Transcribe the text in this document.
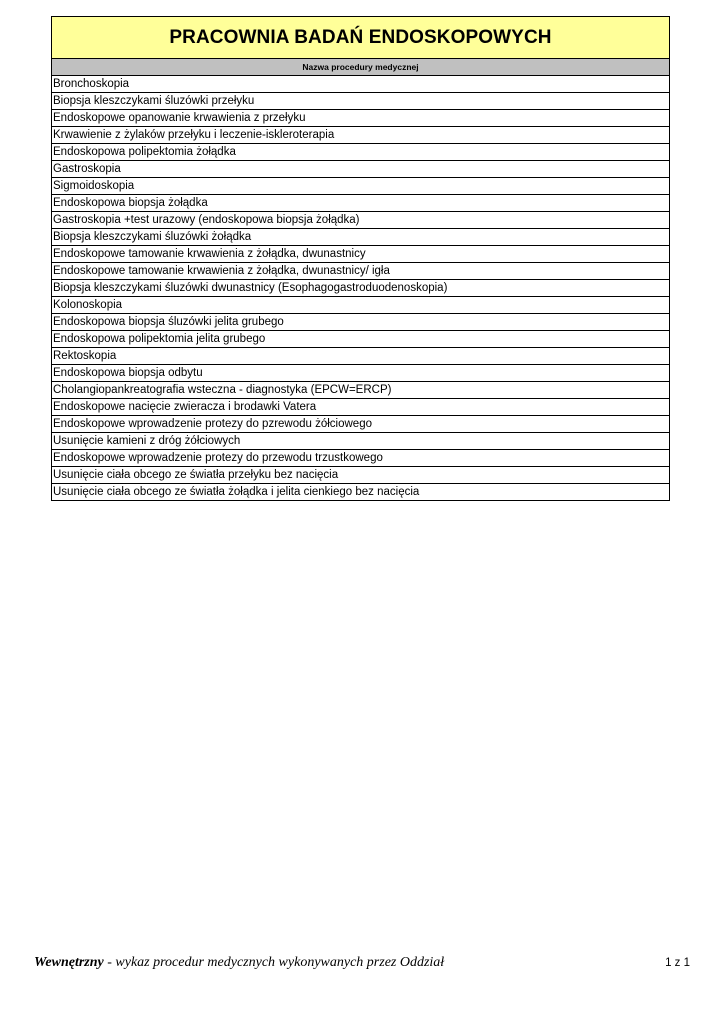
PRACOWNIA BADAŃ ENDOSKOPOWYCH
Nazwa procedury medycznej
Bronchoskopia
Biopsja kleszczykami śluzówki przełyku
Endoskopowe opanowanie krwawienia z przełyku
Krwawienie z żylaków przełyku i leczenie-iskleroterapia
Endoskopowa polipektomia żołądka
Gastroskopia
Sigmoidoskopia
Endoskopowa biopsja żołądka
Gastroskopia +test urazowy (endoskopowa biopsja żołądka)
Biopsja kleszczykami śluzówki żołądka
Endoskopowe tamowanie krwawienia z żołądka, dwunastnicy
Endoskopowe tamowanie krwawienia z żołądka, dwunastnicy/ igła
Biopsja kleszczykami śluzówki dwunastnicy (Esophagogastroduodenoskopia)
Kolonoskopia
Endoskopowa biopsja śluzówki jelita grubego
Endoskopowa polipektomia jelita grubego
Rektoskopia
Endoskopowa biopsja odbytu
Cholangiopankreatografia wsteczna - diagnostyka (EPCW=ERCP)
Endoskopowe nacięcie zwieracza i brodawki Vatera
Endoskopowe wprowadzenie protezy do pzrewodu żółciowego
Usunięcie kamieni z dróg żółciowych
Endoskopowe wprowadzenie protezy do przewodu trzustkowego
Usunięcie ciała obcego ze światła przełyku bez nacięcia
Usunięcie ciała obcego ze światła żołądka i jelita cienkiego bez nacięcia
Wewnętrzny - wykaz procedur medycznych wykonywanych przez Oddział	1 z 1
